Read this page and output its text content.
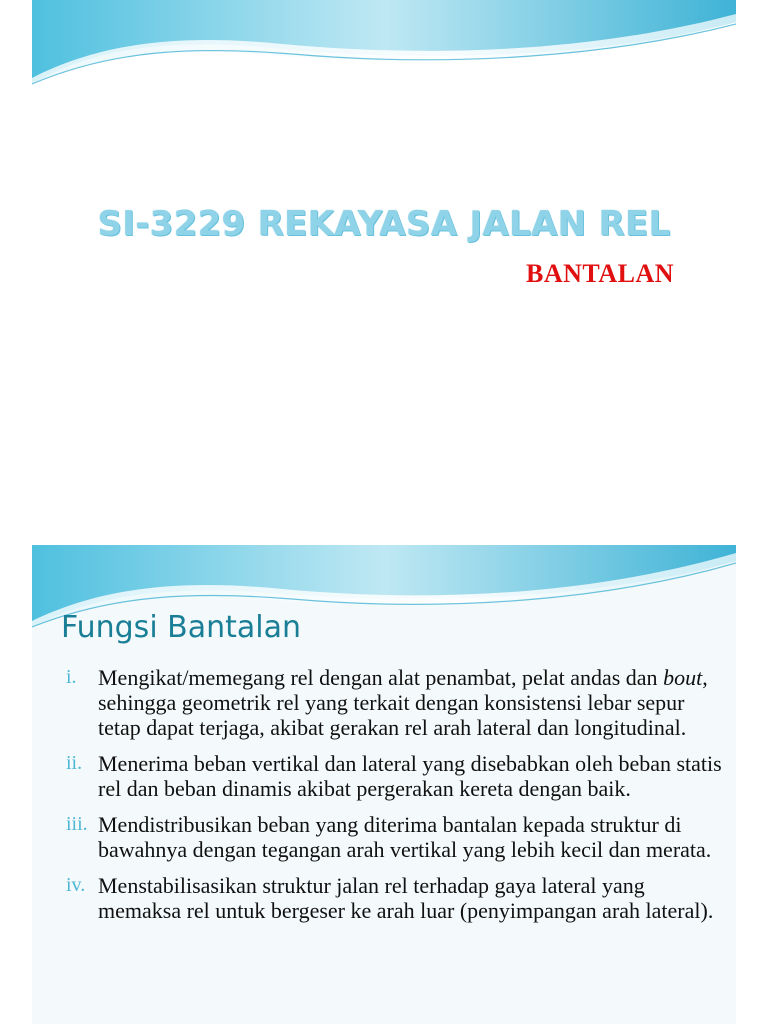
SI-3229 REKAYASA JALAN REL
BANTALAN
Fungsi Bantalan
i. Mengikat/memegang rel dengan alat penambat, pelat andas dan bout, sehingga geometrik rel yang terkait dengan konsistensi lebar sepur tetap dapat terjaga, akibat gerakan rel arah lateral dan longitudinal.
ii. Menerima beban vertikal dan lateral yang disebabkan oleh beban statis rel dan beban dinamis akibat pergerakan kereta dengan baik.
iii. Mendistribusikan beban yang diterima bantalan kepada struktur di bawahnya dengan tegangan arah vertikal yang lebih kecil dan merata.
iv. Menstabilisasikan struktur jalan rel terhadap gaya lateral yang memaksa rel untuk bergeser ke arah luar (penyimpangan arah lateral).
